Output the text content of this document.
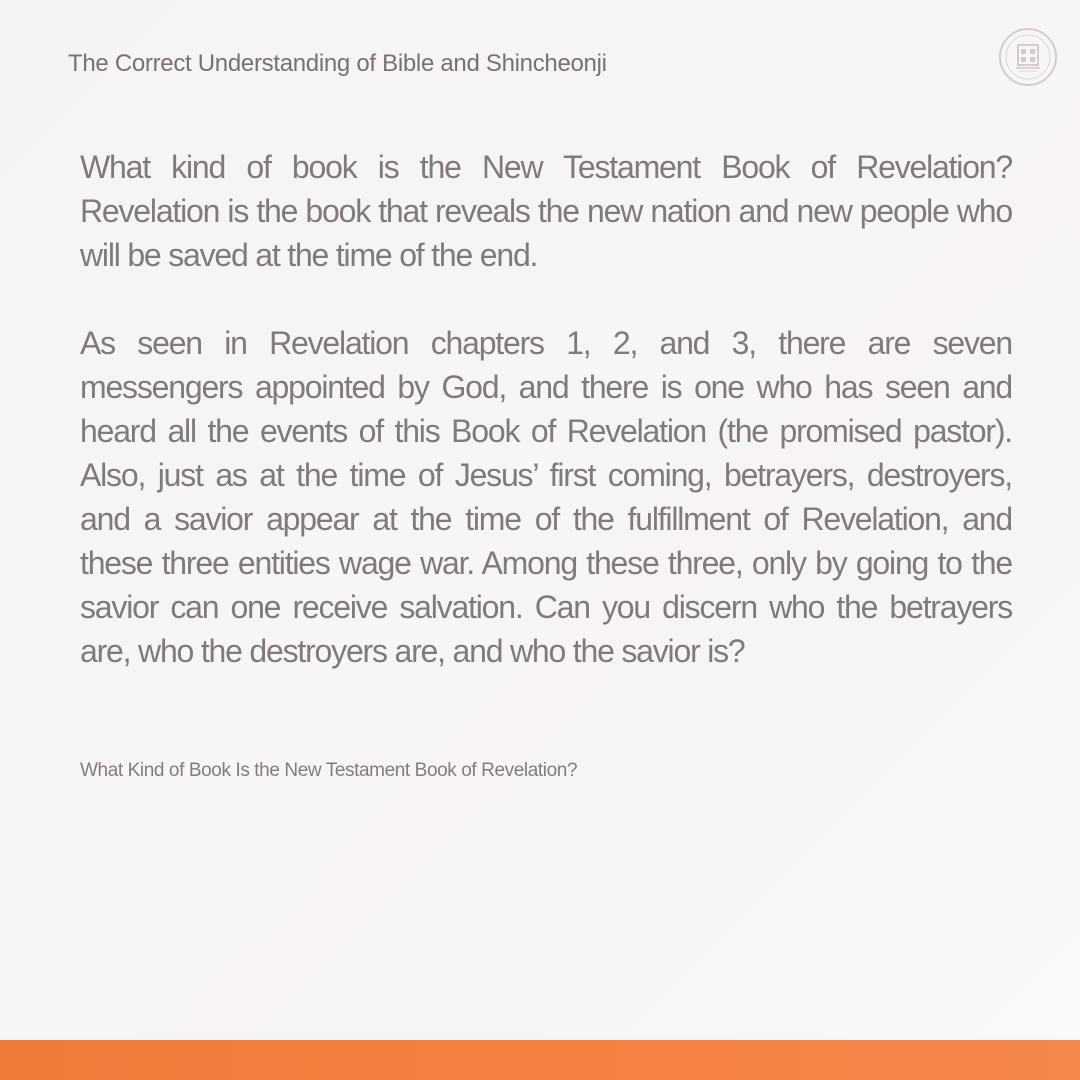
The Correct Understanding of Bible and Shincheonji

What kind of book is the New Testament Book of Revelation? Revelation is the book that reveals the new nation and new people who will be saved at the time of the end.

As seen in Revelation chapters 1, 2, and 3, there are seven messengers appointed by God, and there is one who has seen and heard all the events of this Book of Revelation (the promised pastor). Also, just as at the time of Jesus’ first coming, betrayers, destroyers, and a savior appear at the time of the fulfillment of Revelation, and these three entities wage war. Among these three, only by going to the savior can one receive salvation. Can you discern who the betrayers are, who the destroyers are, and who the savior is?

What Kind of Book Is the New Testament Book of Revelation?
